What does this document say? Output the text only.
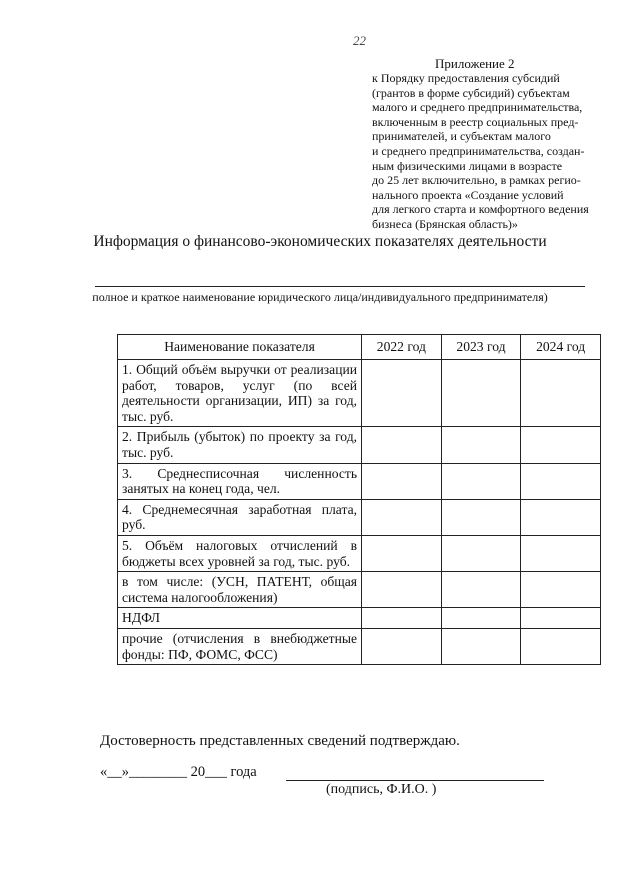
22
Приложение 2
к Порядку предоставления субсидий
(грантов в форме субсидий) субъектам
малого и среднего предпринимательства,
включенным в реестр социальных пред-
принимателей, и субъектам малого
и среднего предпринимательства, создан-
ным физическими лицами в возрасте
до 25 лет включительно, в рамках регио-
нального проекта «Создание условий
для легкого старта и комфортного ведения
бизнеса (Брянская область)»
Информация о финансово-экономических показателях деятельности
полное и краткое наименование юридического лица/индивидуального предпринимателя)
Наименование показателя	2022 год	2023 год	2024 год
1. Общий объём выручки от реализации работ, товаров, услуг (по всей деятельности организации, ИП) за год, тыс. руб.			
2. Прибыль (убыток) по проекту за год, тыс. руб.			
3. Среднесписочная численность занятых на конец года, чел.			
4. Среднемесячная заработная плата, руб.			
5. Объём налоговых отчислений в бюджеты всех уровней за год, тыс. руб.			
в том числе: (УСН, ПАТЕНТ, общая система налогообложения)			
НДФЛ			
прочие (отчисления в внебюджетные фонды: ПФ, ФОМС, ФСС)			
Достоверность представленных сведений подтверждаю.
«__»________ 20___ года
(подпись, Ф.И.О. )
